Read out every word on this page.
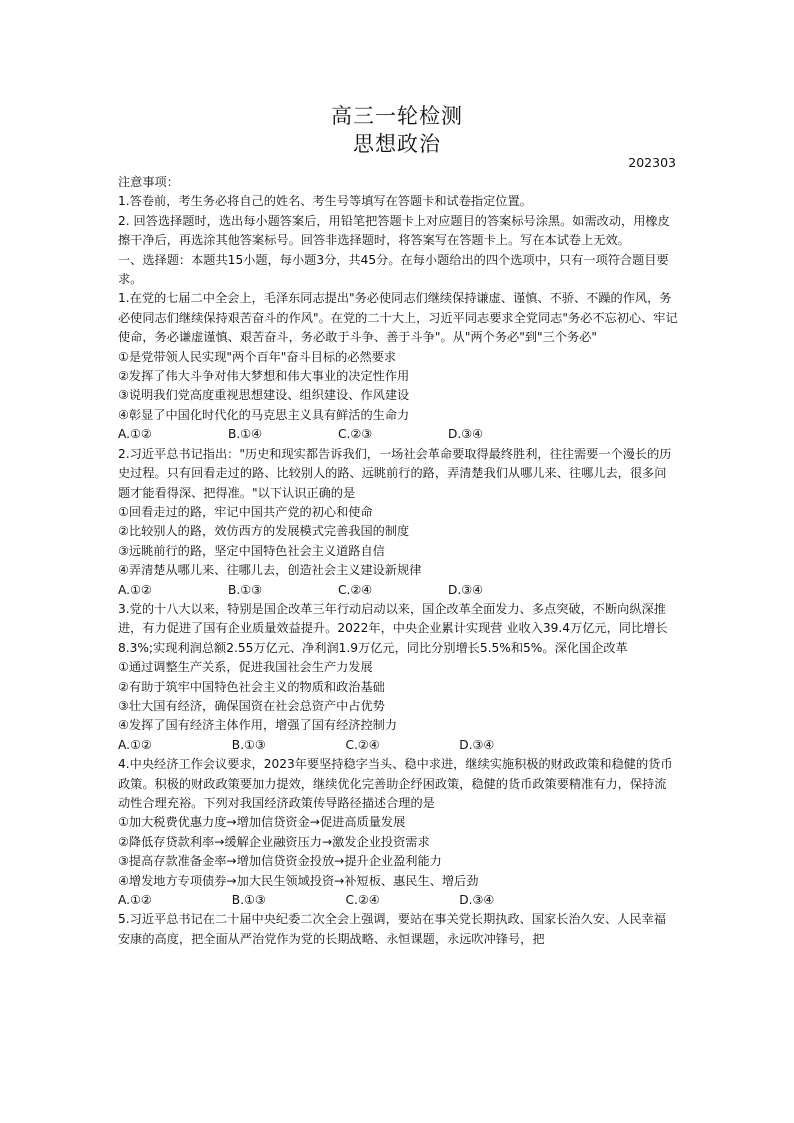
高三一轮检测
思想政治
202303

注意事项：

1.答卷前，考生务必将自己的姓名、考生号等填写在答题卡和试卷指定位置。

2. 回答选择题时，选出每小题答案后，用铅笔把答题卡上对应题目的答案标号涂黑。如需改动，用橡皮擦干净后，再选涂其他答案标号。回答非选择题时，将答案写在答题卡上。写在本试卷上无效。

一、选择题：本题共15小题，每小题3分，共45分。在每小题给出的四个选项中，只有一项符合题目要求。

1.在党的七届二中全会上，毛泽东同志提出"务必使同志们继续保持谦虚、谨慎、不骄、不躁的作风，务必使同志们继续保持艰苦奋斗的作风"。在党的二十大上，习近平同志要求全党同志"务必不忘初心、牢记使命，务必谦虚谨慎、艰苦奋斗，务必敢于斗争、善于斗争"。从"两个务必"到"三个务必"

①是党带领人民实现"两个百年"奋斗目标的必然要求

②发挥了伟大斗争对伟大梦想和伟大事业的决定性作用

③说明我们党高度重视思想建设、组织建设、作风建设

④彰显了中国化时代化的马克思主义具有鲜活的生命力

A.①②	B.①④	C.②③	D.③④

2.习近平总书记指出："历史和现实都告诉我们，一场社会革命要取得最终胜利，往往需要一个漫长的历史过程。只有回看走过的路、比较别人的路、远眺前行的路，弄清楚我们从哪儿来、往哪儿去，很多问题才能看得深、把得准。"以下认识正确的是

①回看走过的路，牢记中国共产党的初心和使命

②比较别人的路，效仿西方的发展模式完善我国的制度

③远眺前行的路，坚定中国特色社会主义道路自信

④弄清楚从哪儿来、往哪儿去，创造社会主义建设新规律

A.①②	B.①③	C.②④	D.③④

3.党的十八大以来，特别是国企改革三年行动启动以来，国企改革全面发力、多点突破，不断向纵深推进，有力促进了国有企业质量效益提升。2022年，中央企业累计实现营 业收入39.4万亿元，同比增长8.3%;实现利润总额2.55万亿元、净利润1.9万亿元，同比分别增长5.5%和5%。深化国企改革

①通过调整生产关系，促进我国社会生产力发展

②有助于筑牢中国特色社会主义的物质和政治基础

③壮大国有经济，确保国资在社会总资产中占优势

④发挥了国有经济主体作用，增强了国有经济控制力

A.①②	B.①③	C.②④	D.③④

4.中央经济工作会议要求，2023年要坚持稳字当头、稳中求进，继续实施积极的财政政策和稳健的货币政策。积极的财政政策要加力提效，继续优化完善助企纾困政策，稳健的货币政策要精准有力，保持流动性合理充裕。下列对我国经济政策传导路径描述合理的是

①加大税费优惠力度→增加信贷资金→促进高质量发展

②降低存贷款利率→缓解企业融资压力→激发企业投资需求

③提高存款准备金率→增加信贷资金投放→提升企业盈利能力

④增发地方专项债券→加大民生领域投资→补短板、惠民生、增后劲

A.①②	B.①③	C.②④	D.③④

5.习近平总书记在二十届中央纪委二次全会上强调，要站在事关党长期执政、国家长治久安、人民幸福安康的高度，把全面从严治党作为党的长期战略、永恒课题，永远吹冲锋号，把
